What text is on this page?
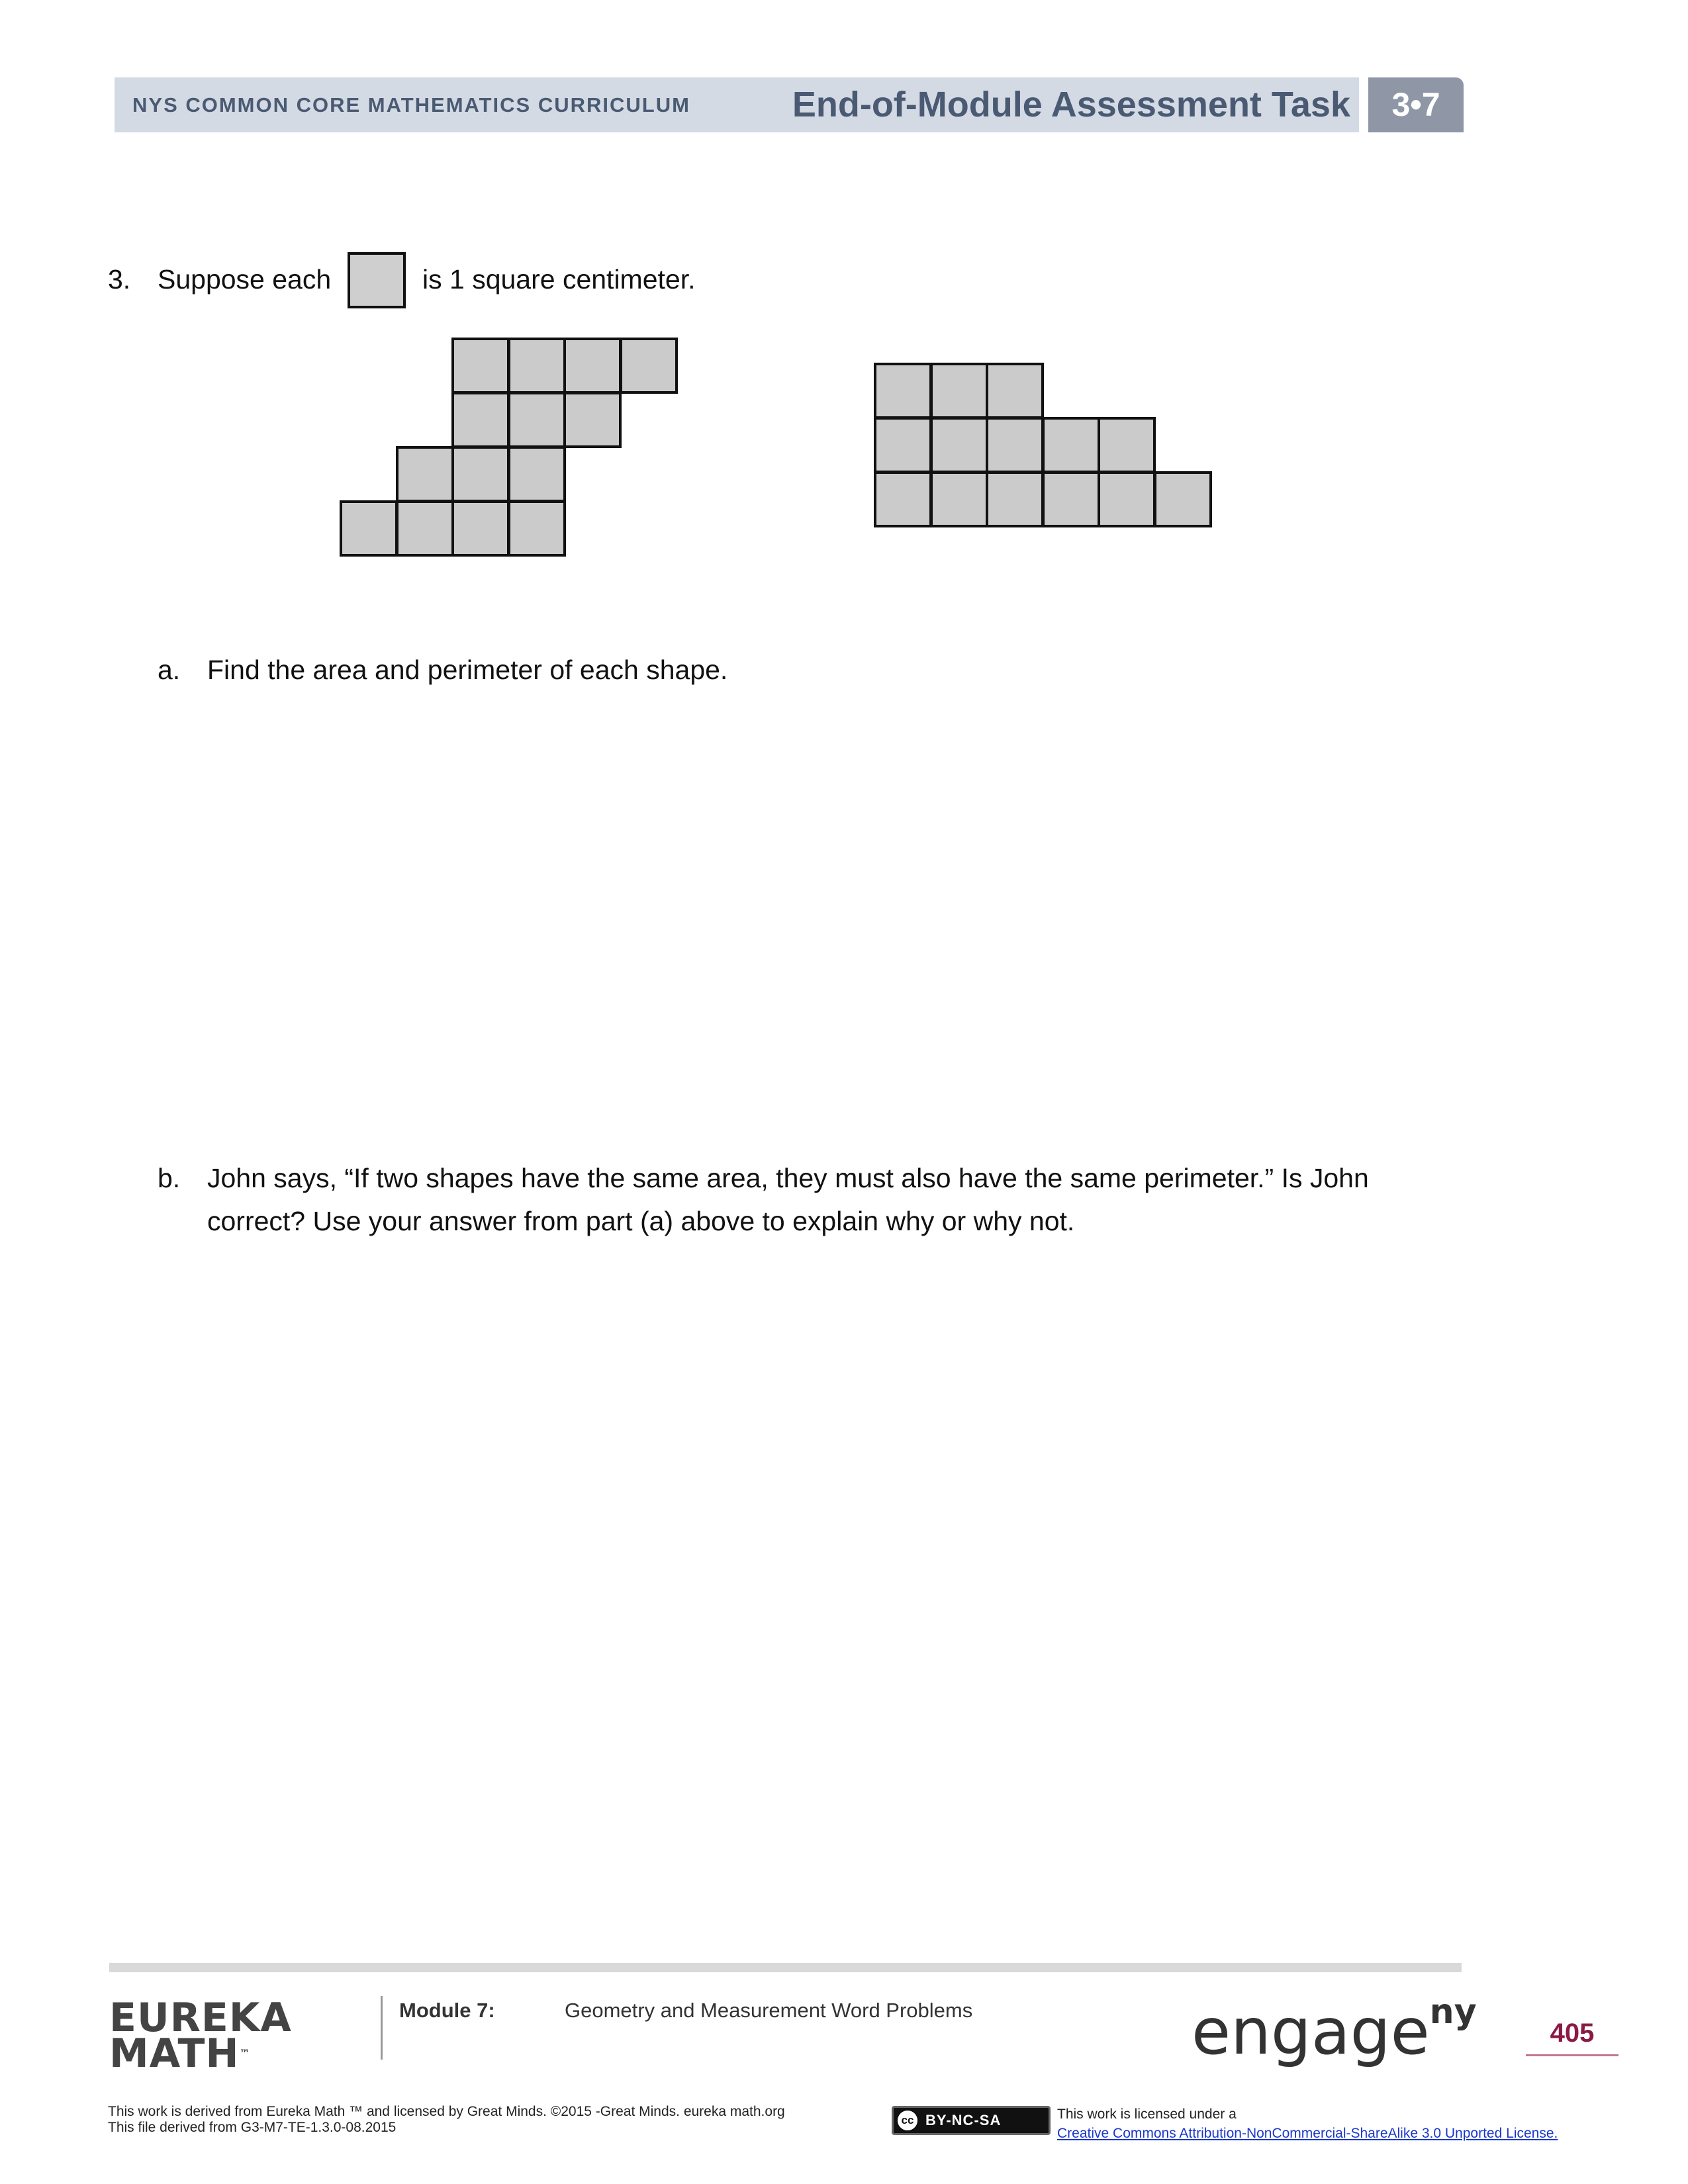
NYS COMMON CORE MATHEMATICS CURRICULUM	End-of-Module Assessment Task	3•7
3. Suppose each	is 1 square centimeter.
a. Find the area and perimeter of each shape.
b. John says, “If two shapes have the same area, they must also have the same perimeter.” Is John
correct? Use your answer from part (a) above to explain why or why not.
EUREKA
MATH™
Module 7:	Geometry and Measurement Word Problems	engage$^{ny}$
405
This work is derived from Eureka Math ™ and licensed by Great Minds. ©2015 -Great Minds. eureka math.org
This file derived from G3-M7-TE-1.3.0-08.2015	cc BY-NC-SA	This work is licensed under a
Creative Commons Attribution-NonCommercial-ShareAlike 3.0 Unported License.
